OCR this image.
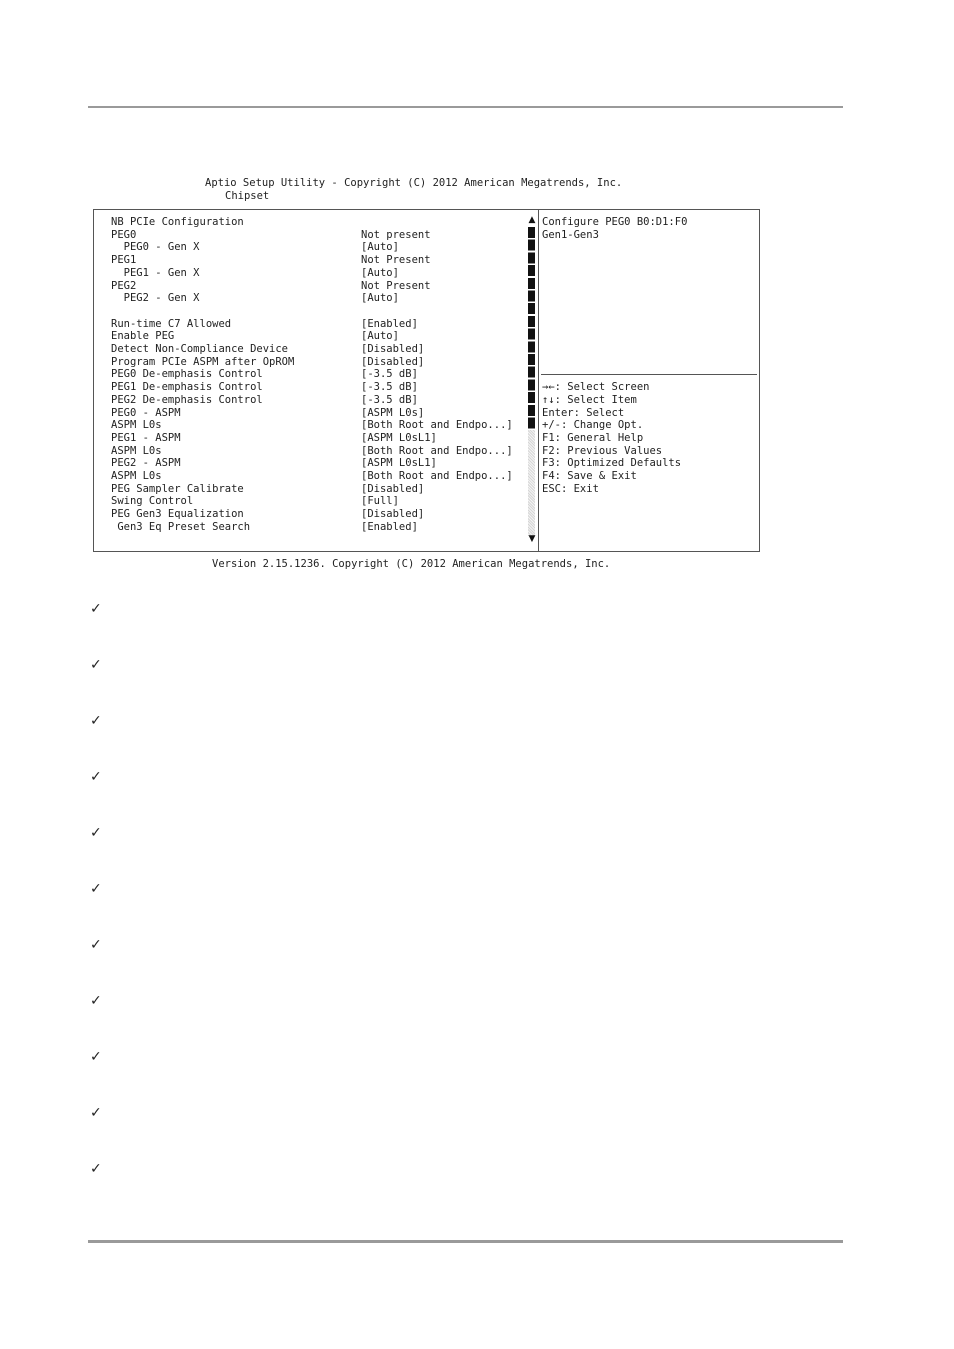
Aptio Setup Utility - Copyright (C) 2012 American Megatrends, Inc.
Chipset
NB PCIe Configuration
PEG0	Not present
PEG0 - Gen X	[Auto]
PEG1	Not Present
PEG1 - Gen X	[Auto]
PEG2	Not Present
PEG2 - Gen X	[Auto]
Run-time C7 Allowed	[Enabled]
Enable PEG	[Auto]
Detect Non-Compliance Device	[Disabled]
Program PCIe ASPM after OpROM	[Disabled]
PEG0 De-emphasis Control	[-3.5 dB]
PEG1 De-emphasis Control	[-3.5 dB]
PEG2 De-emphasis Control	[-3.5 dB]
PEG0 - ASPM	[ASPM L0s]
ASPM L0s	[Both Root and Endpo...]
PEG1 - ASPM	[ASPM L0sL1]
ASPM L0s	[Both Root and Endpo...]
PEG2 - ASPM	[ASPM L0sL1]
ASPM L0s	[Both Root and Endpo...]
PEG Sampler Calibrate	[Disabled]
Swing Control	[Full]
PEG Gen3 Equalization	[Disabled]
Gen3 Eq Preset Search	[Enabled]
▲
▼
Configure PEG0 B0:D1:F0
Gen1-Gen3
→←: Select Screen
↑↓: Select Item
Enter: Select
+/-: Change Opt.
F1: General Help
F2: Previous Values
F3: Optimized Defaults
F4: Save & Exit
ESC: Exit
Version 2.15.1236. Copyright (C) 2012 American Megatrends, Inc.
✓
✓
✓
✓
✓
✓
✓
✓
✓
✓
✓
